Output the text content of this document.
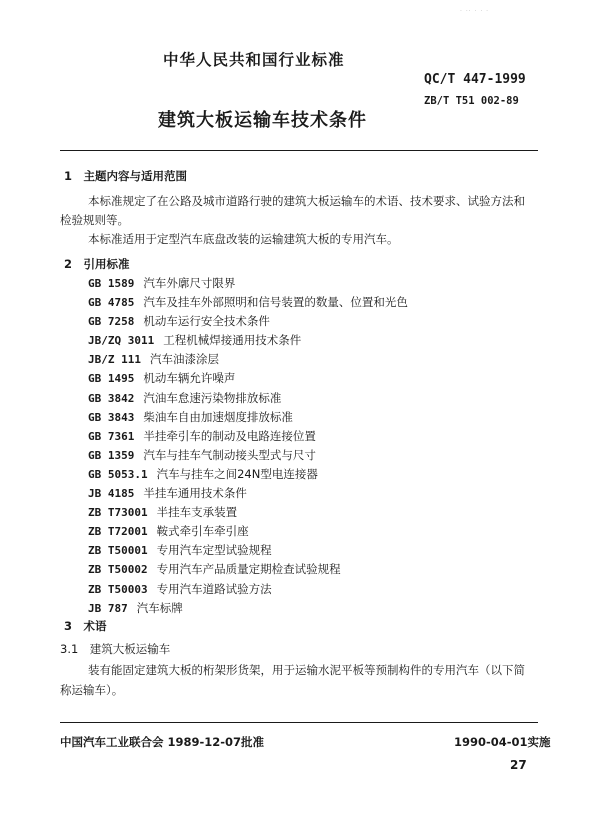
· ·· · · ·
中华人民共和国行业标准
QC/T 447-1999
ZB/T T51 002-89
建筑大板运输车技术条件
1　主题内容与适用范围
本标准规定了在公路及城市道路行驶的建筑大板运输车的术语、技术要求、试验方法和
检验规则等。
本标准适用于定型汽车底盘改装的运输建筑大板的专用汽车。
2　引用标准
GB 1589 汽车外廓尺寸限界
GB 4785 汽车及挂车外部照明和信号装置的数量、位置和光色
GB 7258 机动车运行安全技术条件
JB/ZQ 3011 工程机械焊接通用技术条件
JB/Z 111 汽车油漆涂层
GB 1495 机动车辆允许噪声
GB 3842 汽油车怠速污染物排放标准
GB 3843 柴油车自由加速烟度排放标准
GB 7361 半挂牵引车的制动及电路连接位置
GB 1359 汽车与挂车气制动接头型式与尺寸
GB 5053.1 汽车与挂车之间24N型电连接器
JB 4185 半挂车通用技术条件
ZB T73001 半挂车支承装置
ZB T72001 鞍式牵引车牵引座
ZB T50001 专用汽车定型试验规程
ZB T50002 专用汽车产品质量定期检查试验规程
ZB T50003 专用汽车道路试验方法
JB 787 汽车标牌
3　术语
3.1　建筑大板运输车
装有能固定建筑大板的桁架形货架，用于运输水泥平板等预制构件的专用汽车（以下简
称运输车）。
中国汽车工业联合会 1989-12-07批准	1990-04-01实施
27
